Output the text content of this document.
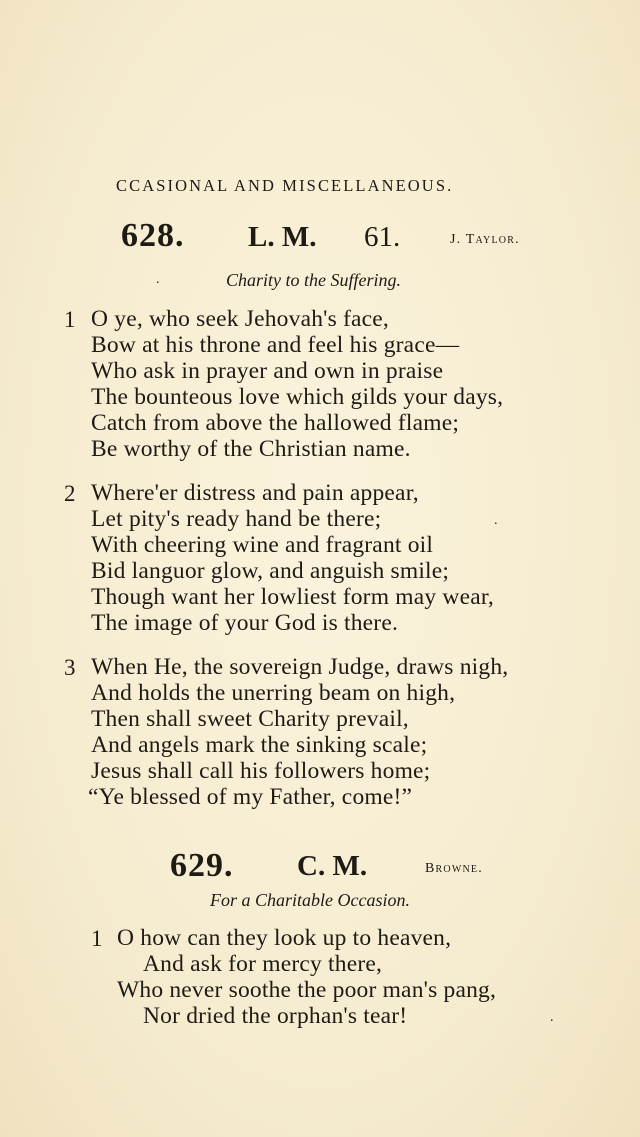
CCASIONAL AND MISCELLANEOUS.
628. L. M. 61.	J. Taylor.
.	Charity to the Suffering.
1 O ye, who seek Jehovah's face,
Bow at his throne and feel his grace—
Who ask in prayer and own in praise
The bounteous love which gilds your days,
Catch from above the hallowed flame;
Be worthy of the Christian name.
2 Where'er distress and pain appear,
Let pity's ready hand be there;	.
With cheering wine and fragrant oil
Bid languor glow, and anguish smile;
Though want her lowliest form may wear,
The image of your God is there.
3 When He, the sovereign Judge, draws nigh,
And holds the unerring beam on high,
Then shall sweet Charity prevail,
And angels mark the sinking scale;
Jesus shall call his followers home;
“Ye blessed of my Father, come!”
629. C. M.	Browne.
For a Charitable Occasion.
1 O how can they look up to heaven,
And ask for mercy there,
Who never soothe the poor man's pang,
Nor dried the orphan's tear!	.
